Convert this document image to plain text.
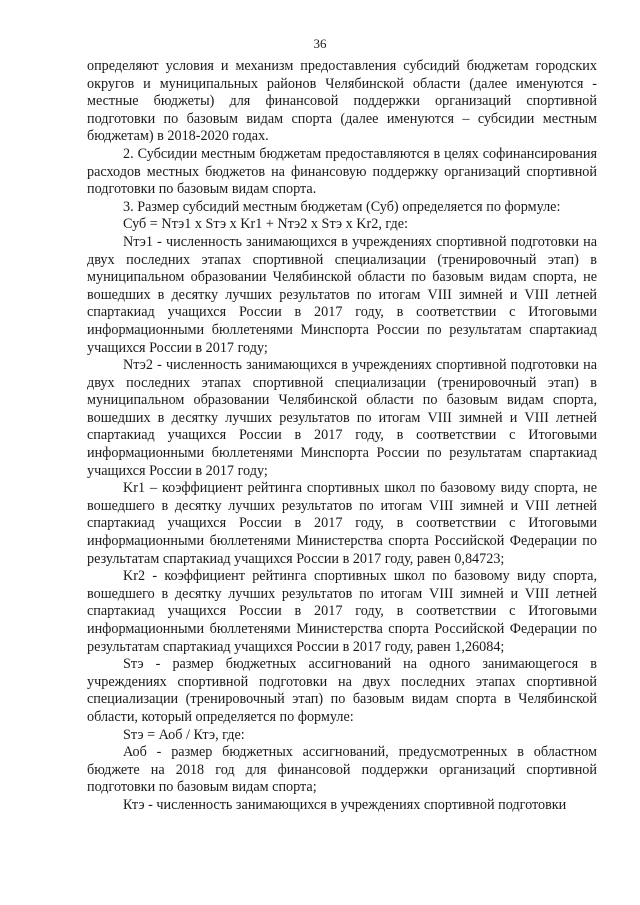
36

определяют условия и механизм предоставления субсидий бюджетам городских округов и муниципальных районов Челябинской области (далее именуются - местные бюджеты) для финансовой поддержки организаций спортивной подготовки по базовым видам спорта (далее именуются – субсидии местным бюджетам) в 2018-2020 годах.

2. Субсидии местным бюджетам предоставляются в целях софинансирования расходов местных бюджетов на финансовую поддержку организаций спортивной подготовки по базовым видам спорта.

3. Размер субсидий местным бюджетам (Суб) определяется по формуле:

Суб = Nтэ1 x Sтэ x Kr1 + Nтэ2 x Sтэ x Kr2, где:

Nтэ1 - численность занимающихся в учреждениях спортивной подготовки на двух последних этапах спортивной специализации (тренировочный этап) в муниципальном образовании Челябинской области по базовым видам спорта, не вошедших в десятку лучших результатов по итогам VIII зимней и VIII летней спартакиад учащихся России в 2017 году, в соответствии с Итоговыми информационными бюллетенями Минспорта России по результатам спартакиад учащихся России в 2017 году;

Nтэ2 - численность занимающихся в учреждениях спортивной подготовки на двух последних этапах спортивной специализации (тренировочный этап) в муниципальном образовании Челябинской области по базовым видам спорта, вошедших в десятку лучших результатов по итогам VIII зимней и VIII летней спартакиад учащихся России в 2017 году, в соответствии с Итоговыми информационными бюллетенями Минспорта России по результатам спартакиад учащихся России в 2017 году;

Kr1 – коэффициент рейтинга спортивных школ по базовому виду спорта, не вошедшего в десятку лучших результатов по итогам VIII зимней и VIII летней спартакиад учащихся России в 2017 году, в соответствии с Итоговыми информационными бюллетенями Министерства спорта Российской Федерации по результатам спартакиад учащихся России в 2017 году, равен 0,84723;

Kr2 - коэффициент рейтинга спортивных школ по базовому виду спорта, вошедшего в десятку лучших результатов по итогам VIII зимней и VIII летней спартакиад учащихся России в 2017 году, в соответствии с Итоговыми информационными бюллетенями Министерства спорта Российской Федерации по результатам спартакиад учащихся России в 2017 году, равен 1,26084;

Sтэ - размер бюджетных ассигнований на одного занимающегося в учреждениях спортивной подготовки на двух последних этапах спортивной специализации (тренировочный этап) по базовым видам спорта в Челябинской области, который определяется по формуле:

Sтэ = Аоб / Ктэ, где:

Аоб - размер бюджетных ассигнований, предусмотренных в областном бюджете на 2018 год для финансовой поддержки организаций спортивной подготовки по базовым видам спорта;

Ктэ - численность занимающихся в учреждениях спортивной подготовки
